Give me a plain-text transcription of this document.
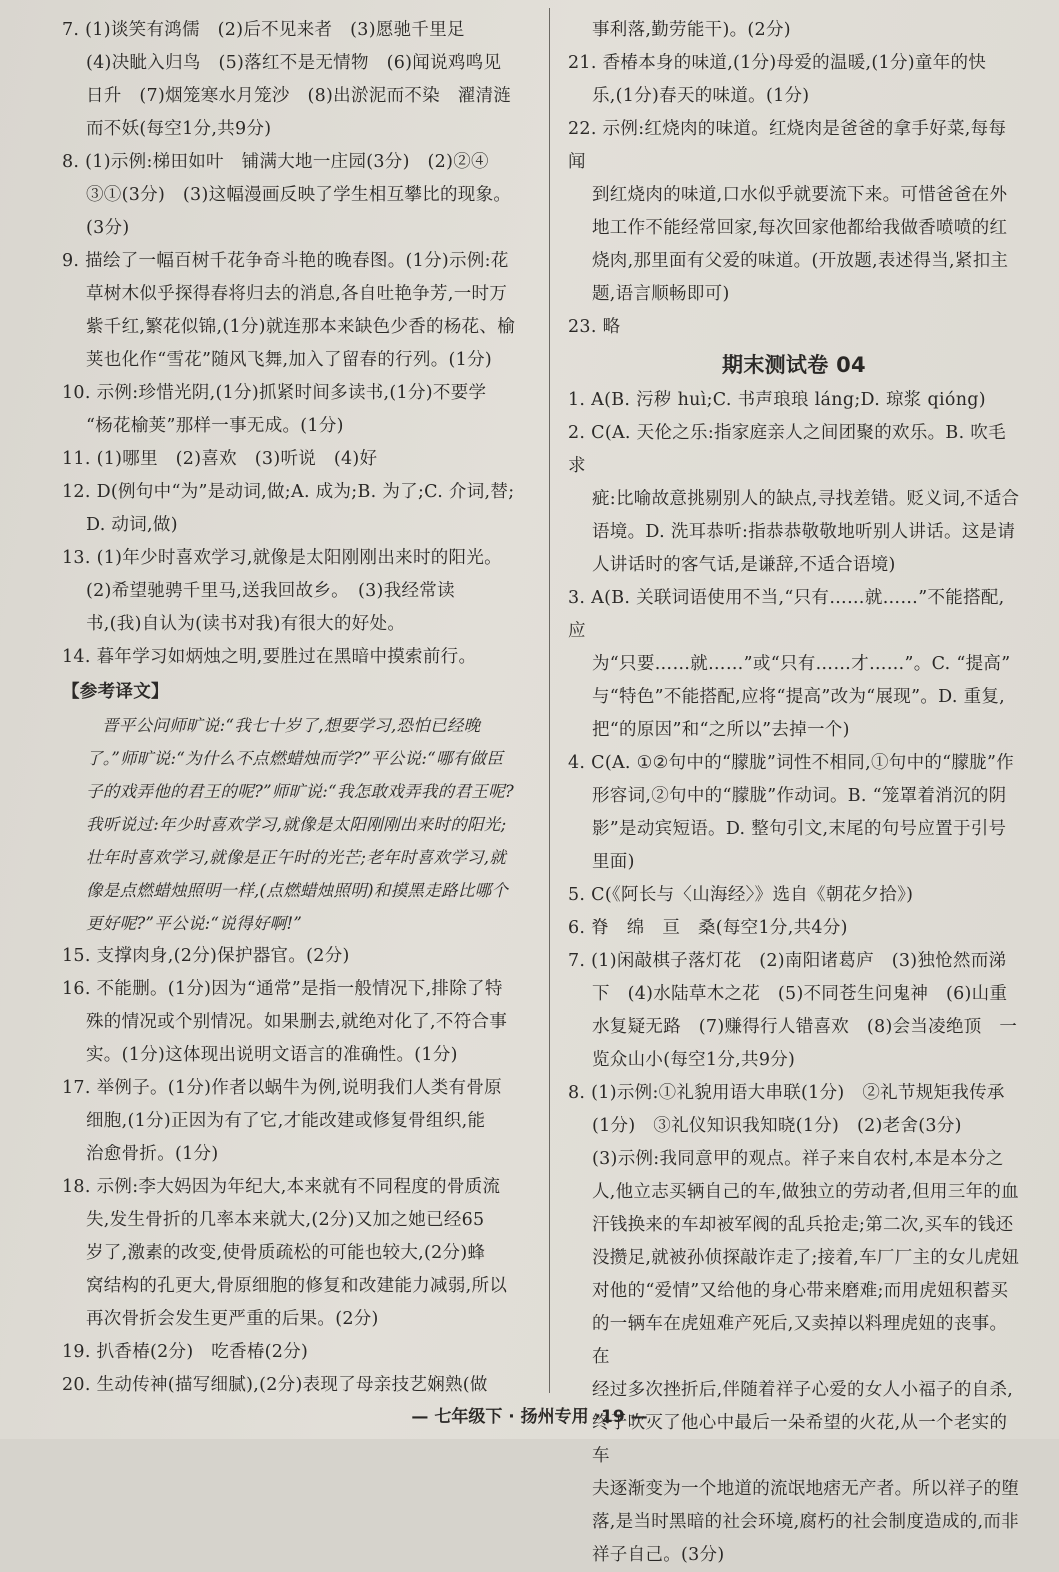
7. (1)谈笑有鸿儒　(2)后不见来者　(3)愿驰千里足

(4)决眦入归鸟　(5)落红不是无情物　(6)闻说鸡鸣见

日升　(7)烟笼寒水月笼沙　(8)出淤泥而不染　濯清涟

而不妖(每空1分,共9分)

8. (1)示例:梯田如叶　铺满大地一庄园(3分)　(2)②④

③①(3分)　(3)这幅漫画反映了学生相互攀比的现象。

(3分)

9. 描绘了一幅百树千花争奇斗艳的晚春图。(1分)示例:花

草树木似乎探得春将归去的消息,各自吐艳争芳,一时万

紫千红,繁花似锦,(1分)就连那本来缺色少香的杨花、榆

荚也化作“雪花”随风飞舞,加入了留春的行列。(1分)

10. 示例:珍惜光阴,(1分)抓紧时间多读书,(1分)不要学

“杨花榆荚”那样一事无成。(1分)

11. (1)哪里　(2)喜欢　(3)听说　(4)好

12. D(例句中“为”是动词,做;A. 成为;B. 为了;C. 介词,替;

D. 动词,做)

13. (1)年少时喜欢学习,就像是太阳刚刚出来时的阳光。

(2)希望驰骋千里马,送我回故乡。　(3)我经常读

书,(我)自认为(读书对我)有很大的好处。

14. 暮年学习如炳烛之明,要胜过在黑暗中摸索前行。

【参考译文】

晋平公问师旷说:“我七十岁了,想要学习,恐怕已经晚

了。”师旷说:“为什么不点燃蜡烛而学?”平公说:“哪有做臣

子的戏弄他的君王的呢?”师旷说:“我怎敢戏弄我的君王呢?

我听说过:年少时喜欢学习,就像是太阳刚刚出来时的阳光;

壮年时喜欢学习,就像是正午时的光芒;老年时喜欢学习,就

像是点燃蜡烛照明一样,(点燃蜡烛照明)和摸黑走路比哪个

更好呢?”平公说:“说得好啊!”

15. 支撑肉身,(2分)保护器官。(2分)

16. 不能删。(1分)因为“通常”是指一般情况下,排除了特

殊的情况或个别情况。如果删去,就绝对化了,不符合事

实。(1分)这体现出说明文语言的准确性。(1分)

17. 举例子。(1分)作者以蜗牛为例,说明我们人类有骨原

细胞,(1分)正因为有了它,才能改建或修复骨组织,能

治愈骨折。(1分)

18. 示例:李大妈因为年纪大,本来就有不同程度的骨质流

失,发生骨折的几率本来就大,(2分)又加之她已经65

岁了,激素的改变,使骨质疏松的可能也较大,(2分)蜂

窝结构的孔更大,骨原细胞的修复和改建能力减弱,所以

再次骨折会发生更严重的后果。(2分)

19. 扒香椿(2分)　吃香椿(2分)

20. 生动传神(描写细腻),(2分)表现了母亲技艺娴熟(做

事利落,勤劳能干)。(2分)

21. 香椿本身的味道,(1分)母爱的温暖,(1分)童年的快

乐,(1分)春天的味道。(1分)

22. 示例:红烧肉的味道。红烧肉是爸爸的拿手好菜,每每闻

到红烧肉的味道,口水似乎就要流下来。可惜爸爸在外

地工作不能经常回家,每次回家他都给我做香喷喷的红

烧肉,那里面有父爱的味道。(开放题,表述得当,紧扣主

题,语言顺畅即可)

23. 略

期末测试卷 04

1. A(B. 污秽 huì;C. 书声琅琅 láng;D. 琼浆 qióng)

2. C(A. 天伦之乐:指家庭亲人之间团聚的欢乐。B. 吹毛求

疵:比喻故意挑剔别人的缺点,寻找差错。贬义词,不适合

语境。D. 洗耳恭听:指恭恭敬敬地听别人讲话。这是请

人讲话时的客气话,是谦辞,不适合语境)

3. A(B. 关联词语使用不当,“只有……就……”不能搭配,应

为“只要……就……”或“只有……才……”。C. “提高”

与“特色”不能搭配,应将“提高”改为“展现”。D. 重复,

把“的原因”和“之所以”去掉一个)

4. C(A. ①②句中的“朦胧”词性不相同,①句中的“朦胧”作

形容词,②句中的“朦胧”作动词。B. “笼罩着消沉的阴

影”是动宾短语。D. 整句引文,末尾的句号应置于引号

里面)

5. C(《阿长与〈山海经〉》选自《朝花夕拾》)

6. 脊　绵　亘　桑(每空1分,共4分)

7. (1)闲敲棋子落灯花　(2)南阳诸葛庐　(3)独怆然而涕

下　(4)水陆草木之花　(5)不同苍生问鬼神　(6)山重

水复疑无路　(7)赚得行人错喜欢　(8)会当凌绝顶　一

览众山小(每空1分,共9分)

8. (1)示例:①礼貌用语大串联(1分)　②礼节规矩我传承

(1分)　③礼仪知识我知晓(1分)　(2)老舍(3分)

(3)示例:我同意甲的观点。祥子来自农村,本是本分之

人,他立志买辆自己的车,做独立的劳动者,但用三年的血

汗钱换来的车却被军阀的乱兵抢走;第二次,买车的钱还

没攒足,就被孙侦探敲诈走了;接着,车厂厂主的女儿虎妞

对他的“爱情”又给他的身心带来磨难;而用虎妞积蓄买

的一辆车在虎妞难产死后,又卖掉以料理虎妞的丧事。在

经过多次挫折后,伴随着祥子心爱的女人小福子的自杀,

终于吹灭了他心中最后一朵希望的火花,从一个老实的车

夫逐渐变为一个地道的流氓地痞无产者。所以祥子的堕

落,是当时黑暗的社会环境,腐朽的社会制度造成的,而非

祥子自己。(3分)

— 七年级下 · 扬州专用 ·19 —
